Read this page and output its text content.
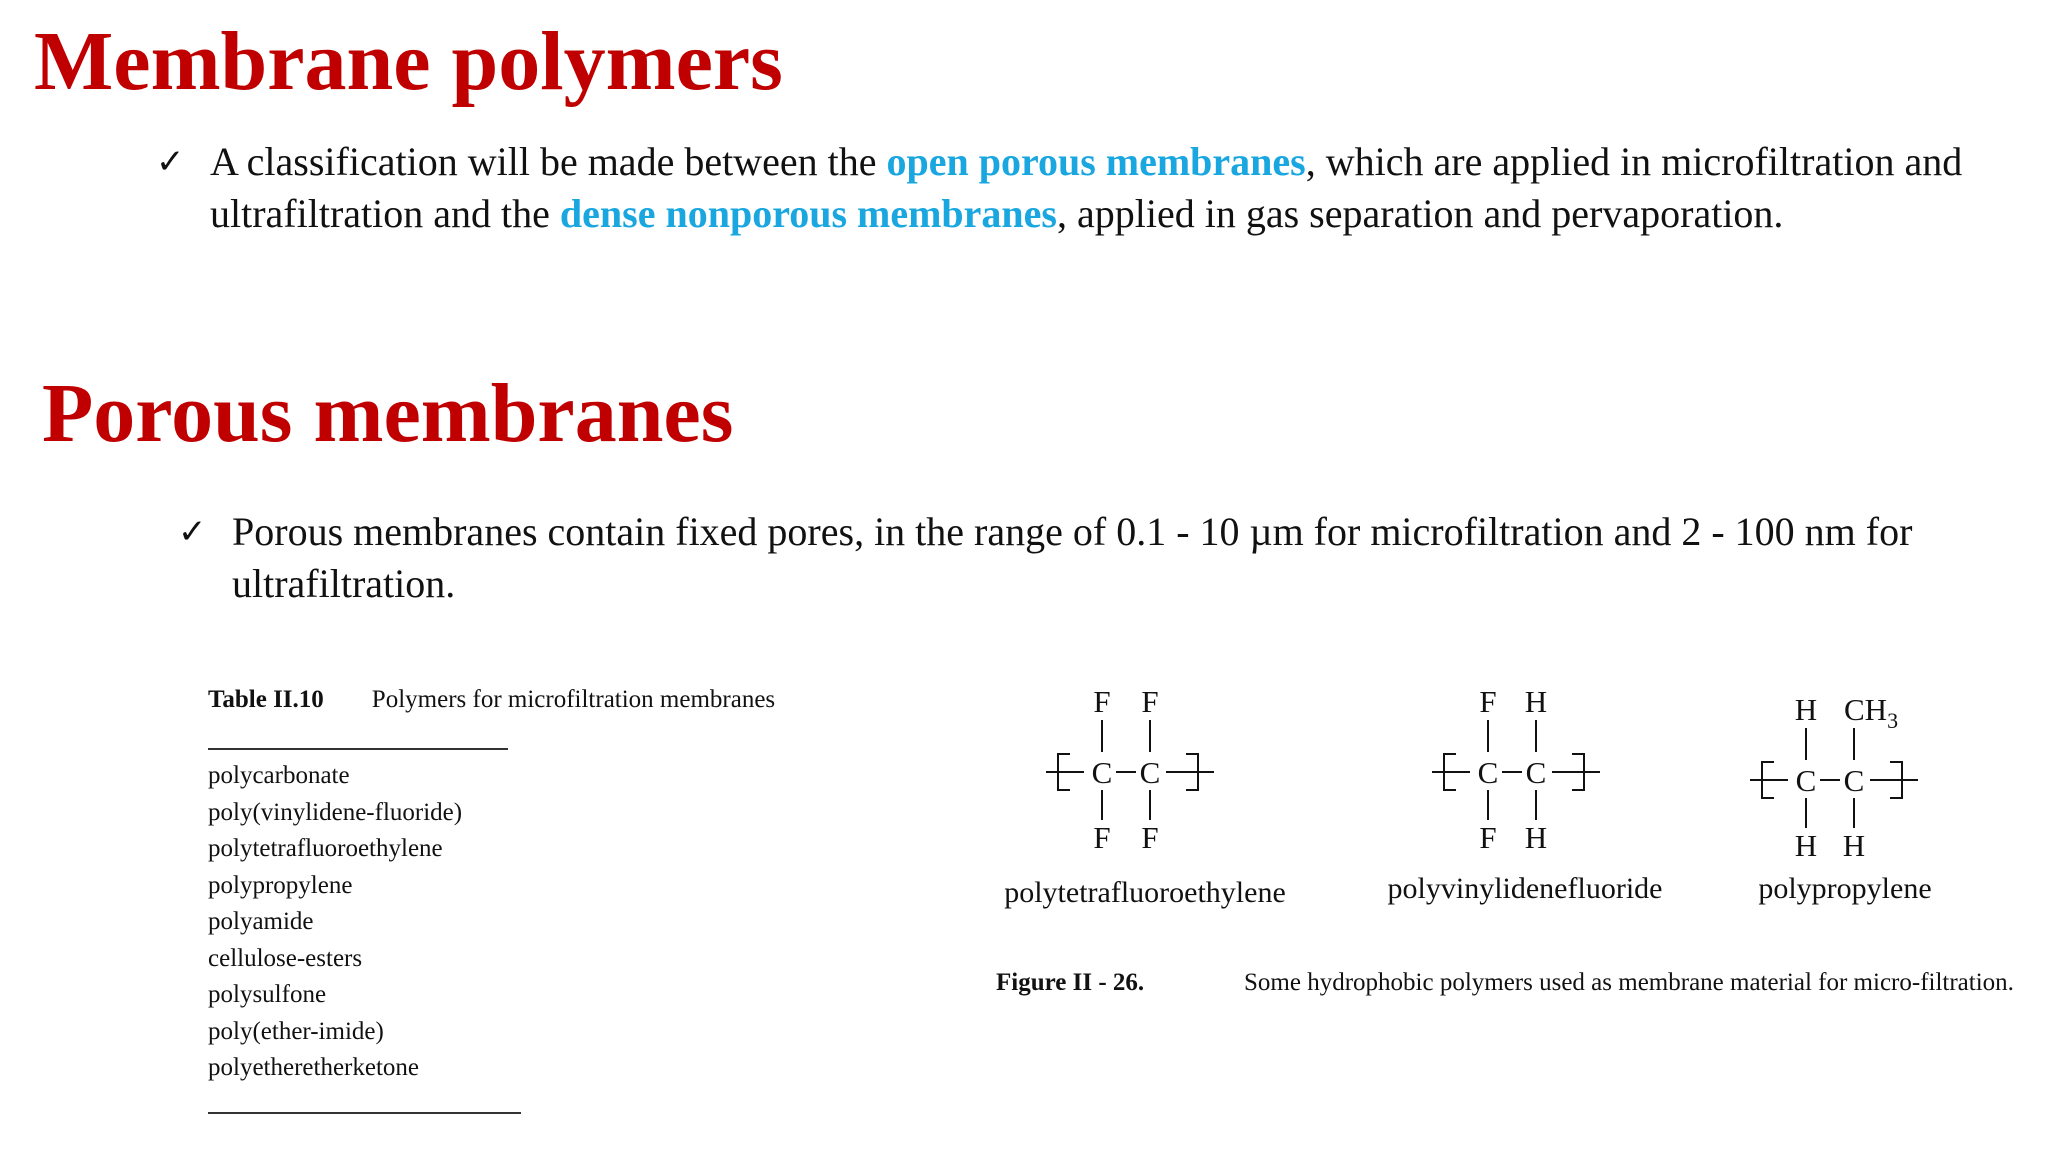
Membrane polymers
✓ A classification will be made between the open porous membranes, which are applied in microfiltration and ultrafiltration and the dense nonporous membranes, applied in gas separation and pervaporation.
Porous membranes
✓ Porous membranes contain fixed pores, in the range of 0.1 - 10 µm for microfiltration and 2 - 100 nm for ultrafiltration.
Table II.10 Polymers for microfiltration membranes
polycarbonate
poly(vinylidene-fluoride)
polytetrafluoroethylene
polypropylene
polyamide
cellulose-esters
polysulfone
poly(ether-imide)
polyetheretherketone
F F
C C
F F
polytetrafluoroethylene
F H
C C
F H
polyvinylidenefluoride
H $CH_3$
C C
H H
polypropylene
Figure II - 26.	Some hydrophobic polymers used as membrane material for micro-filtration.
